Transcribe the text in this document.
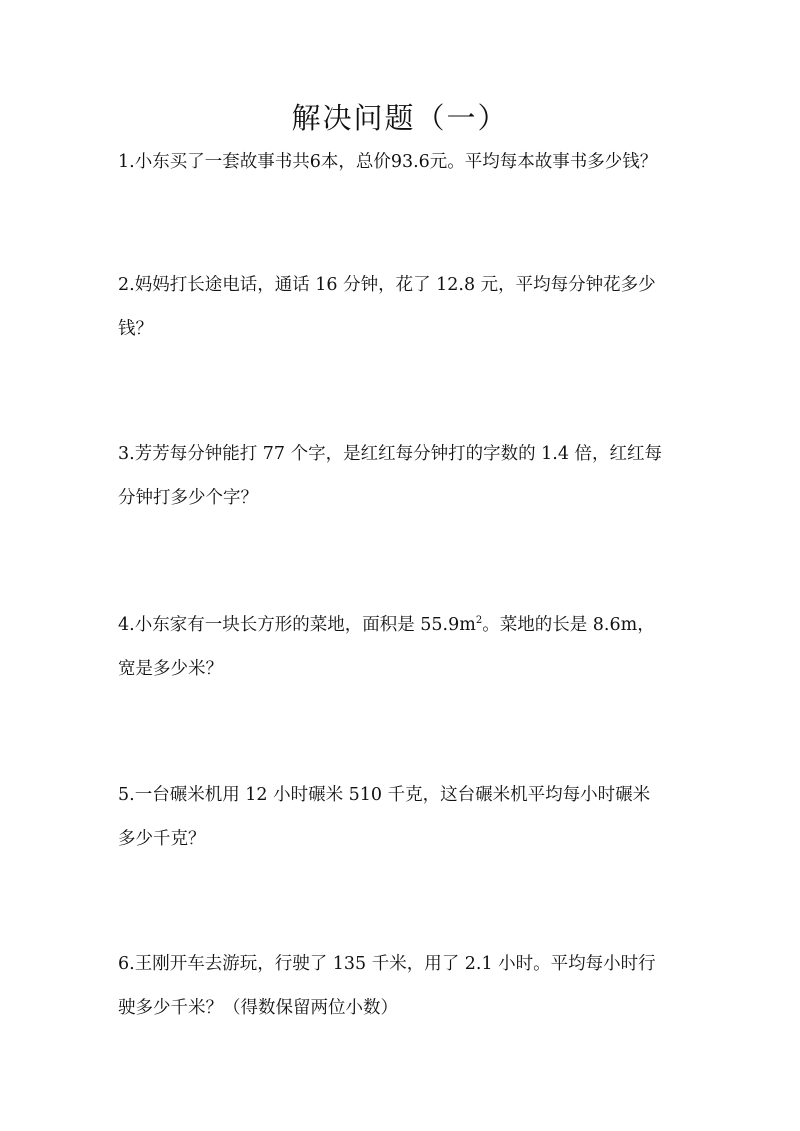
解决问题（一）
1.小东买了一套故事书共6本，总价93.6元。平均每本故事书多少钱？
2.妈妈打长途电话，通话 16 分钟，花了 12.8 元，平均每分钟花多少
钱？
3.芳芳每分钟能打 77 个字，是红红每分钟打的字数的 1.4 倍，红红每
分钟打多少个字？
4.小东家有一块长方形的菜地，面积是 $55.9m^2$。菜地的长是 8.6m，
宽是多少米？
5.一台碾米机用 12 小时碾米 510 千克，这台碾米机平均每小时碾米
多少千克？
6.王刚开车去游玩，行驶了 135 千米，用了 2.1 小时。平均每小时行
驶多少千米？（得数保留两位小数）
